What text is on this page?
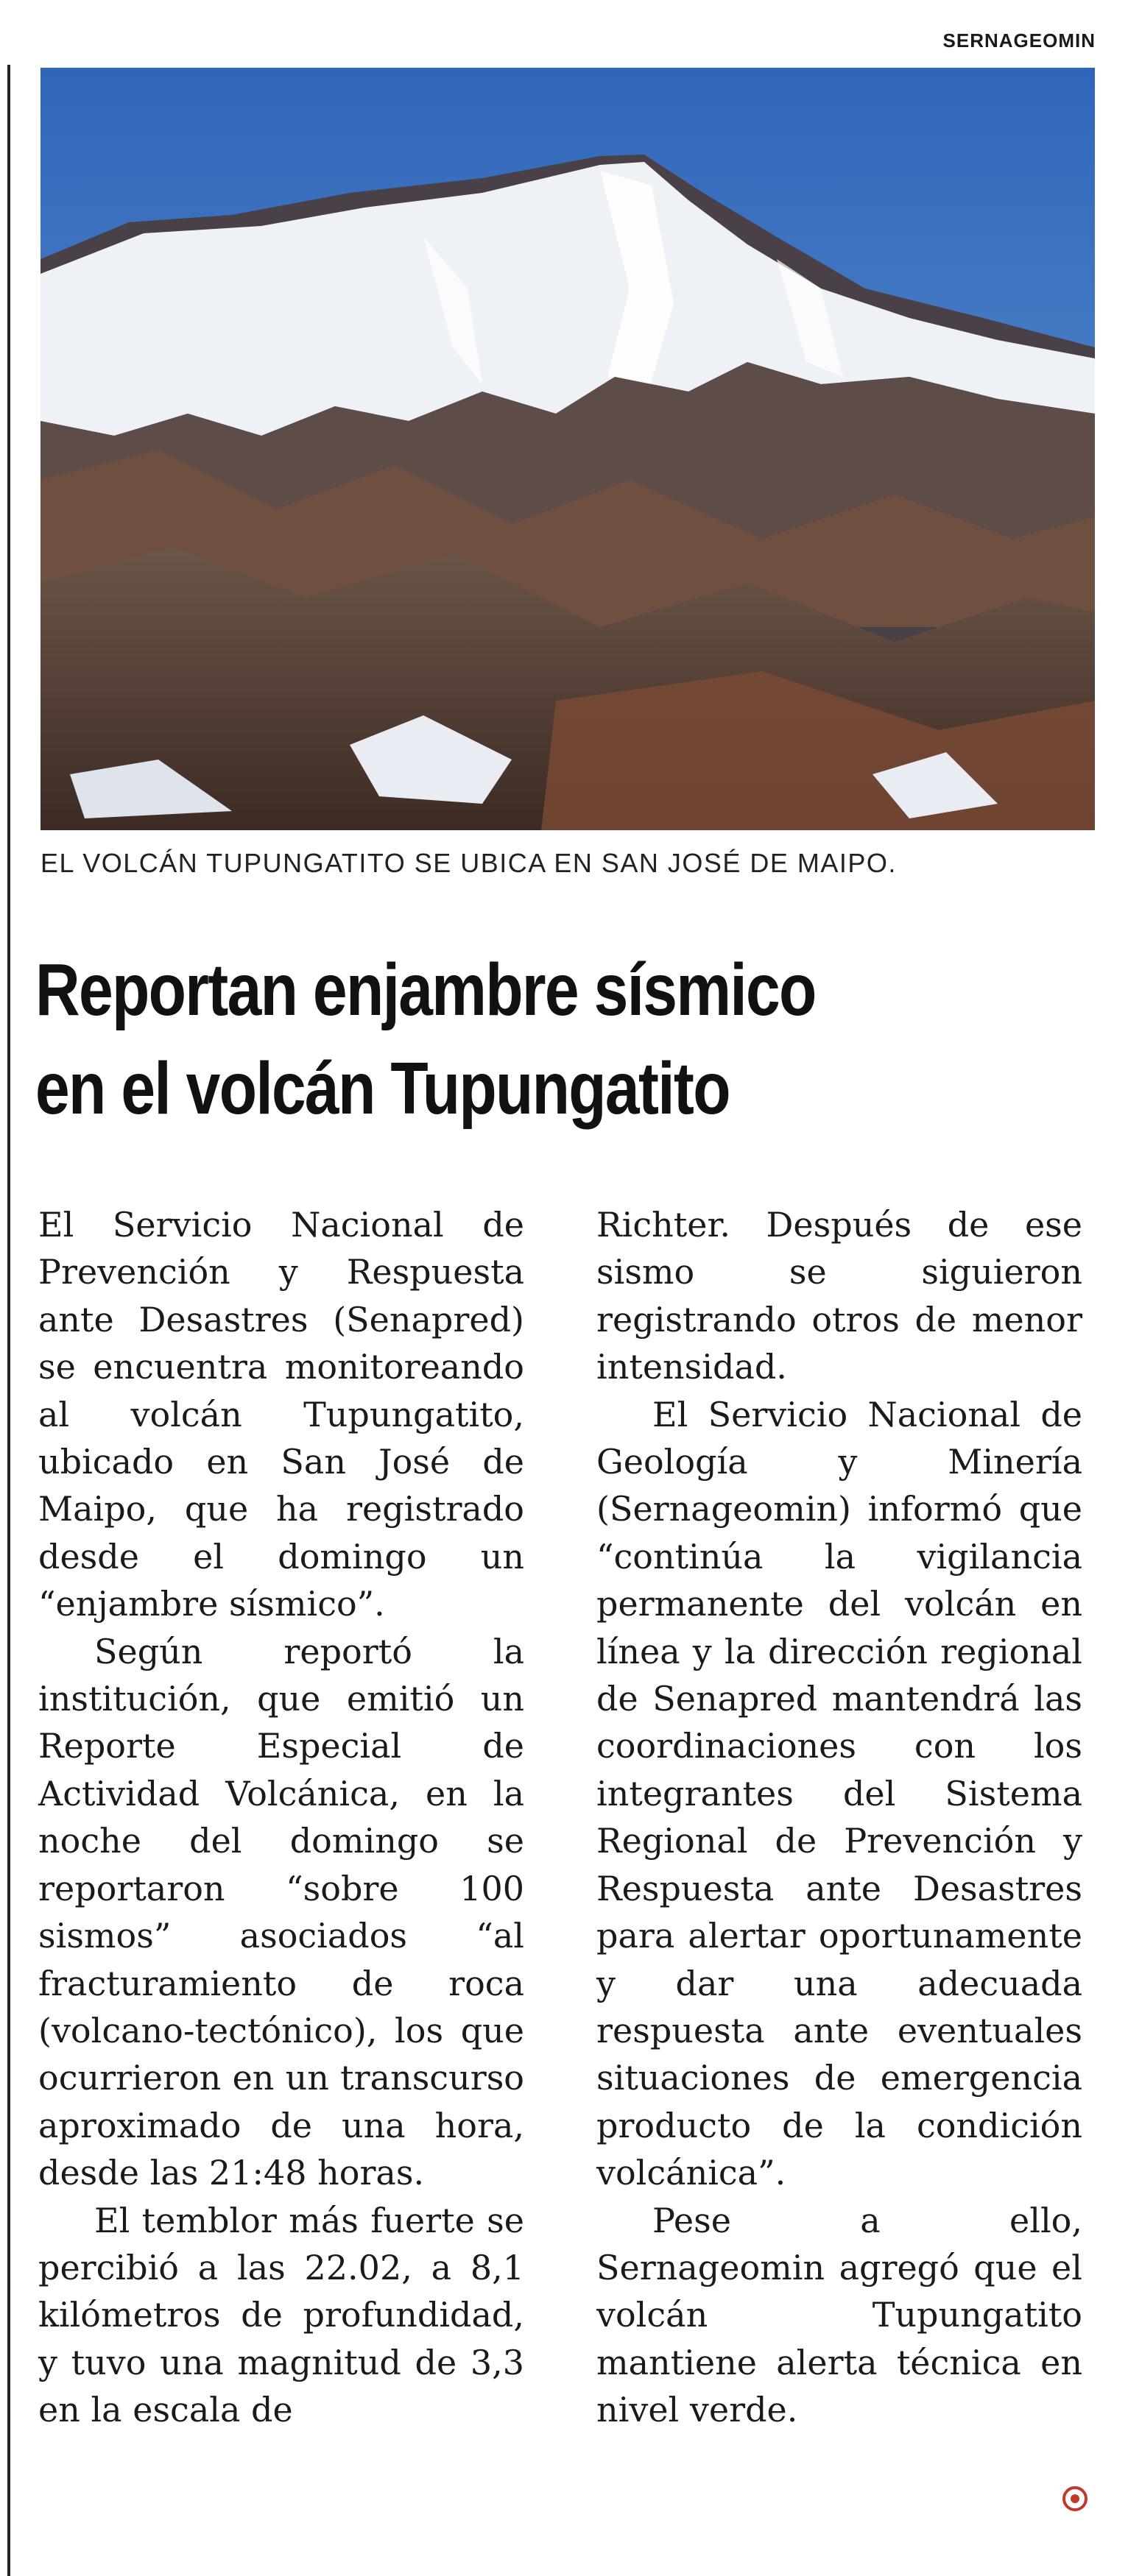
SERNAGEOMIN
EL VOLCÁN TUPUNGATITO SE UBICA EN SAN JOSÉ DE MAIPO.
Reportan enjambre sísmico
en el volcán Tupungatito

El Servicio Nacional de Prevención y Respuesta ante Desastres (Senapred) se encuentra monitoreando al volcán Tupungatito, ubicado en San José de Maipo, que ha registrado desde el domingo un “enjambre sísmico”.

Según reportó la institución, que emitió un Reporte Especial de Actividad Volcánica, en la noche del domingo se reportaron “sobre 100 sismos” asociados “al fracturamiento de roca (volcano-tectónico), los que ocurrieron en un transcurso aproximado de una hora, desde las 21:48 horas.

El temblor más fuerte se percibió a las 22.02, a 8,1 kilómetros de profundidad, y tuvo una magnitud de 3,3 en la escala de

Richter. Después de ese sismo se siguieron registrando otros de menor intensidad.

El Servicio Nacional de Geología y Minería (Sernageomin) informó que “continúa la vigilancia permanente del volcán en línea y la dirección regional de Senapred mantendrá las coordinaciones con los integrantes del Sistema Regional de Prevención y Respuesta ante Desastres para alertar oportunamente y dar una adecuada respuesta ante eventuales situaciones de emergencia producto de la condición volcánica”.

Pese a ello, Sernageomin agregó que el volcán Tupungatito mantiene alerta técnica en nivel verde.
